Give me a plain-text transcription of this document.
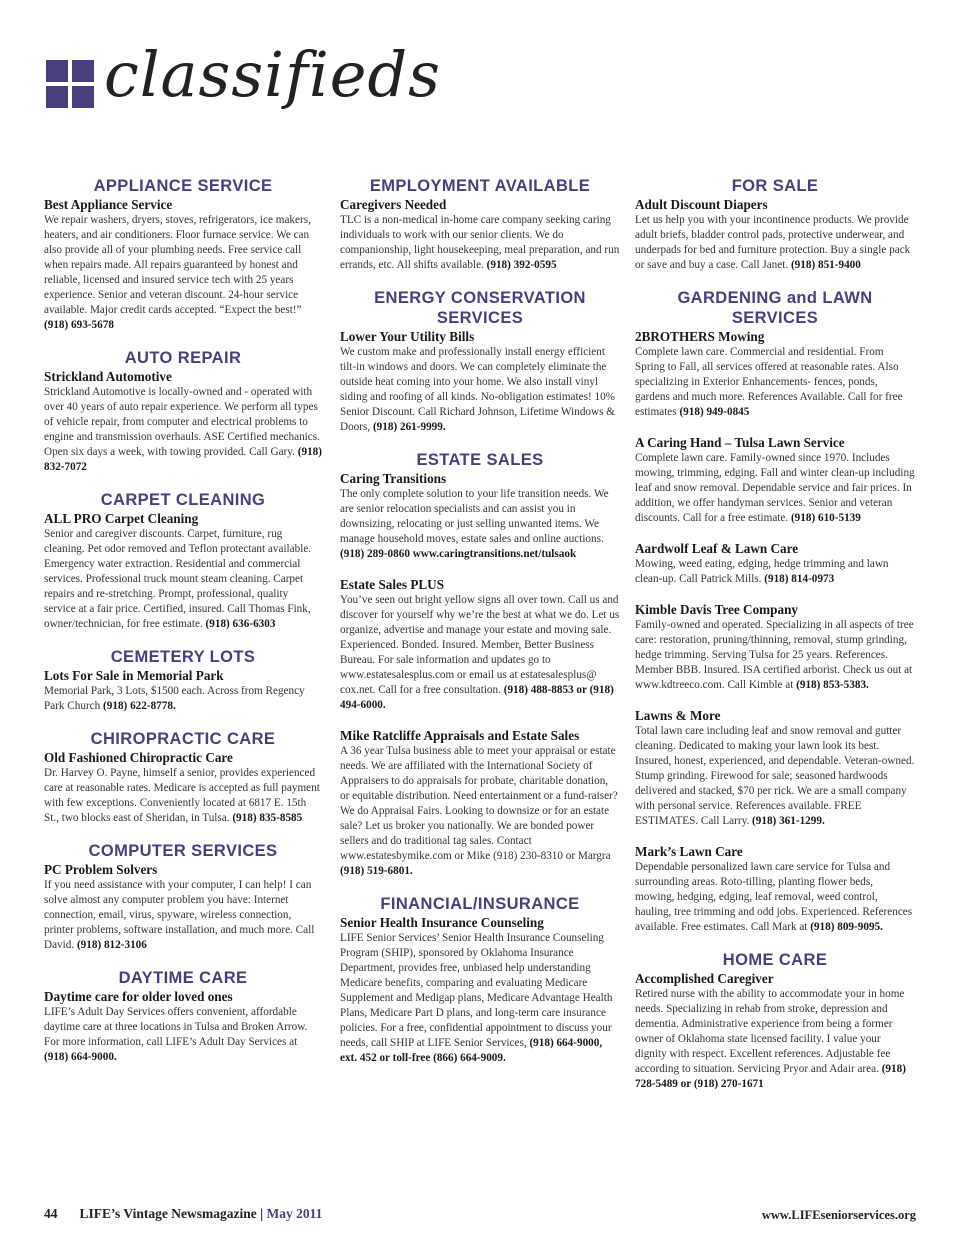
classifieds
APPLIANCE SERVICE
Best Appliance Service

We repair washers, dryers, stoves, refrigerators, ice makers, heaters, and air conditioners. Floor furnace service. We can also provide all of your plumbing needs. Free service call when repairs made. All repairs guaranteed by honest and reliable, licensed and insured service tech with 25 years experience. Senior and veteran discount. 24-hour service available. Major credit cards accepted. “Expect the best!” (918) 693-5678

AUTO REPAIR
Strickland Automotive

Strickland Automotive is locally-owned and - operated with over 40 years of auto repair experience. We perform all types of vehicle repair, from computer and electrical problems to engine and transmission overhauls. ASE Certified mechanics. Open six days a week, with towing provided. Call Gary. (918) 832-7072

CARPET CLEANING
ALL PRO Carpet Cleaning

Senior and caregiver discounts. Carpet, furniture, rug cleaning. Pet odor removed and Teflon protectant available. Emergency water extraction. Residential and commercial services. Professional truck mount steam cleaning. Carpet repairs and re-stretching. Prompt, professional, quality service at a fair price. Certified, insured. Call Thomas Fink, owner/technician, for free estimate. (918) 636-6303

CEMETERY LOTS
Lots For Sale in Memorial Park

Memorial Park, 3 Lots, $1500 each. Across from Regency Park Church (918) 622-8778.

CHIROPRACTIC CARE
Old Fashioned Chiropractic Care

Dr. Harvey O. Payne, himself a senior, provides experienced care at reasonable rates. Medicare is accepted as full payment with few exceptions. Conveniently located at 6817 E. 15th St., two blocks east of Sheridan, in Tulsa. (918) 835-8585

COMPUTER SERVICES
PC Problem Solvers

If you need assistance with your computer, I can help! I can solve almost any computer problem you have: Internet connection, email, virus, spyware, wireless connection, printer problems, software installation, and much more. Call David. (918) 812-3106

DAYTIME CARE
Daytime care for older loved ones

LIFE’s Adult Day Services offers convenient, affordable daytime care at three locations in Tulsa and Broken Arrow. For more information, call LIFE’s Adult Day Services at (918) 664-9000.

EMPLOYMENT AVAILABLE
Caregivers Needed

TLC is a non-medical in-home care company seeking caring individuals to work with our senior clients. We do companionship, light housekeeping, meal preparation, and run errands, etc. All shifts available. (918) 392-0595

ENERGY CONSERVATION SERVICES
Lower Your Utility Bills

We custom make and professionally install energy efficient tilt-in windows and doors. We can completely eliminate the outside heat coming into your home. We also install vinyl siding and roofing of all kinds. No-obligation estimates! 10% Senior Discount. Call Richard Johnson, Lifetime Windows & Doors, (918) 261-9999.

ESTATE SALES
Caring Transitions

The only complete solution to your life transition needs. We are senior relocation specialists and can assist you in downsizing, relocating or just selling unwanted items. We manage household moves, estate sales and online auctions. (918) 289-0860 www.caringtransitions.net/tulsaok

Estate Sales PLUS

You’ve seen out bright yellow signs all over town. Call us and discover for yourself why we’re the best at what we do. Let us organize, advertise and manage your estate and moving sale. Experienced. Bonded. Insured. Member, Better Business Bureau. For sale information and updates go to www.estatesalesplus.com or email us at estatesalesplus@ cox.net. Call for a free consultation. (918) 488-8853 or (918) 494-6000.

Mike Ratcliffe Appraisals and Estate Sales

A 36 year Tulsa business able to meet your appraisal or estate needs. We are affiliated with the International Society of Appraisers to do appraisals for probate, charitable donation, or equitable distribution. Need entertainment or a fund-raiser? We do Appraisal Fairs. Looking to downsize or for an estate sale? Let us broker you nationally. We are bonded power sellers and do traditional tag sales. Contact www.estatesbymike.com or Mike (918) 230-8310 or Margra (918) 519-6801.

FINANCIAL/INSURANCE
Senior Health Insurance Counseling

LIFE Senior Services’ Senior Health Insurance Counseling Program (SHIP), sponsored by Oklahoma Insurance Department, provides free, unbiased help understanding Medicare benefits, comparing and evaluating Medicare Supplement and Medigap plans, Medicare Advantage Health Plans, Medicare Part D plans, and long-term care insurance policies. For a free, confidential appointment to discuss your needs, call SHIP at LIFE Senior Services, (918) 664-9000, ext. 452 or toll-free (866) 664-9009.

FOR SALE
Adult Discount Diapers

Let us help you with your incontinence products. We provide adult briefs, bladder control pads, protective underwear, and underpads for bed and furniture protection. Buy a single pack or save and buy a case. Call Janet. (918) 851-9400

GARDENING and LAWN SERVICES
2BROTHERS Mowing

Complete lawn care. Commercial and residential. From Spring to Fall, all services offered at reasonable rates. Also specializing in Exterior Enhancements- fences, ponds, gardens and much more. References Available. Call for free estimates (918) 949-0845

A Caring Hand – Tulsa Lawn Service

Complete lawn care. Family-owned since 1970. Includes mowing, trimming, edging. Fall and winter clean-up including leaf and snow removal. Dependable service and fair prices. In addition, we offer handyman services. Senior and veteran discounts. Call for a free estimate. (918) 610-5139

Aardwolf Leaf & Lawn Care

Mowing, weed eating, edging, hedge trimming and lawn clean-up. Call Patrick Mills. (918) 814-0973

Kimble Davis Tree Company

Family-owned and operated. Specializing in all aspects of tree care: restoration, pruning/thinning, removal, stump grinding, hedge trimming. Serving Tulsa for 25 years. References. Member BBB. Insured. ISA certified arborist. Check us out at www.kdtreeco.com. Call Kimble at (918) 853-5383.

Lawns & More

Total lawn care including leaf and snow removal and gutter cleaning. Dedicated to making your lawn look its best. Insured, honest, experienced, and dependable. Veteran-owned. Stump grinding. Firewood for sale; seasoned hardwoods delivered and stacked, $70 per rick. We are a small company with personal service. References available. FREE ESTIMATES. Call Larry. (918) 361-1299.

Mark’s Lawn Care

Dependable personalized lawn care service for Tulsa and surrounding areas. Roto-tilling, planting flower beds, mowing, hedging, edging, leaf removal, weed control, hauling, tree trimming and odd jobs. Experienced. References available. Free estimates. Call Mark at (918) 809-9095.

HOME CARE
Accomplished Caregiver

Retired nurse with the ability to accommodate your in home needs. Specializing in rehab from stroke, depression and dementia. Administrative experience from being a former owner of Oklahoma state licensed facility. I value your dignity with respect. Excellent references. Adjustable fee according to situation. Servicing Pryor and Adair area. (918) 728-5489 or (918) 270-1671

44 LIFE’s Vintage Newsmagazine | May 2011	www.LIFEseniorservices.org
